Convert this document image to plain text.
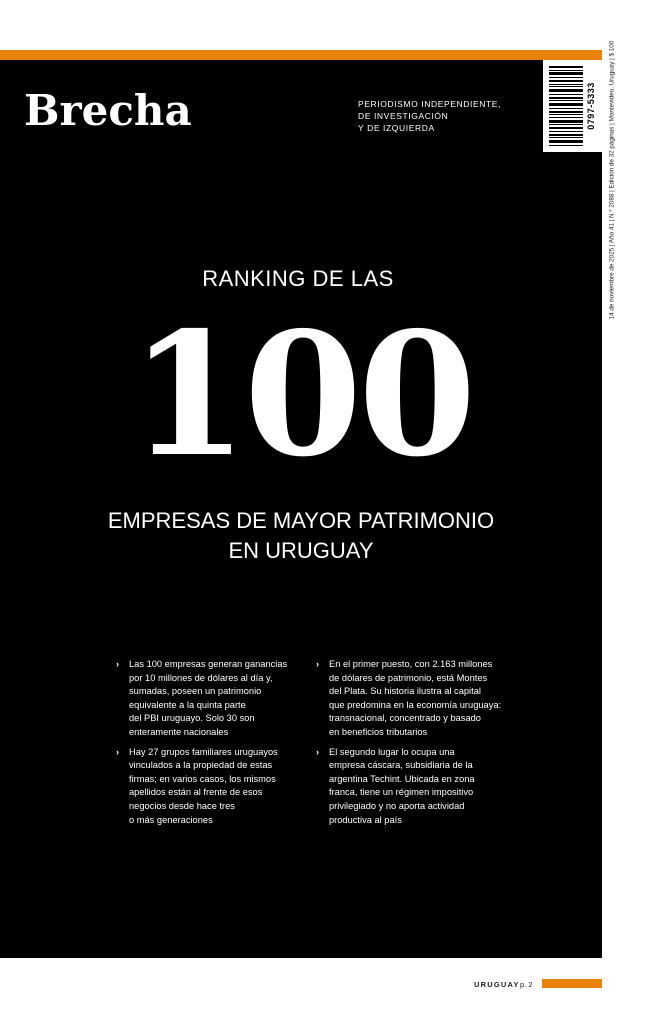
Brecha	PERIODISMO INDEPENDIENTE,
DE INVESTIGACIÓN
Y DE IZQUIERDA	0797-5333 14 de noviembre de 2025 | Año 41 | N.º 2088 | Edición de 32 páginas | Montevideo, Uruguay | $ 100
RANKING DE LAS
100
EMPRESAS DE MAYOR PATRIMONIO
EN URUGUAY
› Las 100 empresas generan ganancias
por 10 millones de dólares al día y,
sumadas, poseen un patrimonio
equivalente a la quinta parte
del PBI uruguayo. Solo 30 son
enteramente nacionales
› Hay 27 grupos familiares uruguayos
vinculados a la propiedad de estas
firmas; en varios casos, los mismos
apellidos están al frente de esos
negocios desde hace tres
o más generaciones
› En el primer puesto, con 2.163 millones
de dólares de patrimonio, está Montes
del Plata. Su historia ilustra al capital
que predomina en la economía uruguaya:
transnacional, concentrado y basado
en beneficios tributarios
› El segundo lugar lo ocupa una
empresa cáscara, subsidiaria de la
argentina Techint. Ubicada en zona
franca, tiene un régimen impositivo
privilegiado y no aporta actividad
productiva al país
URUGUAY p. 2
